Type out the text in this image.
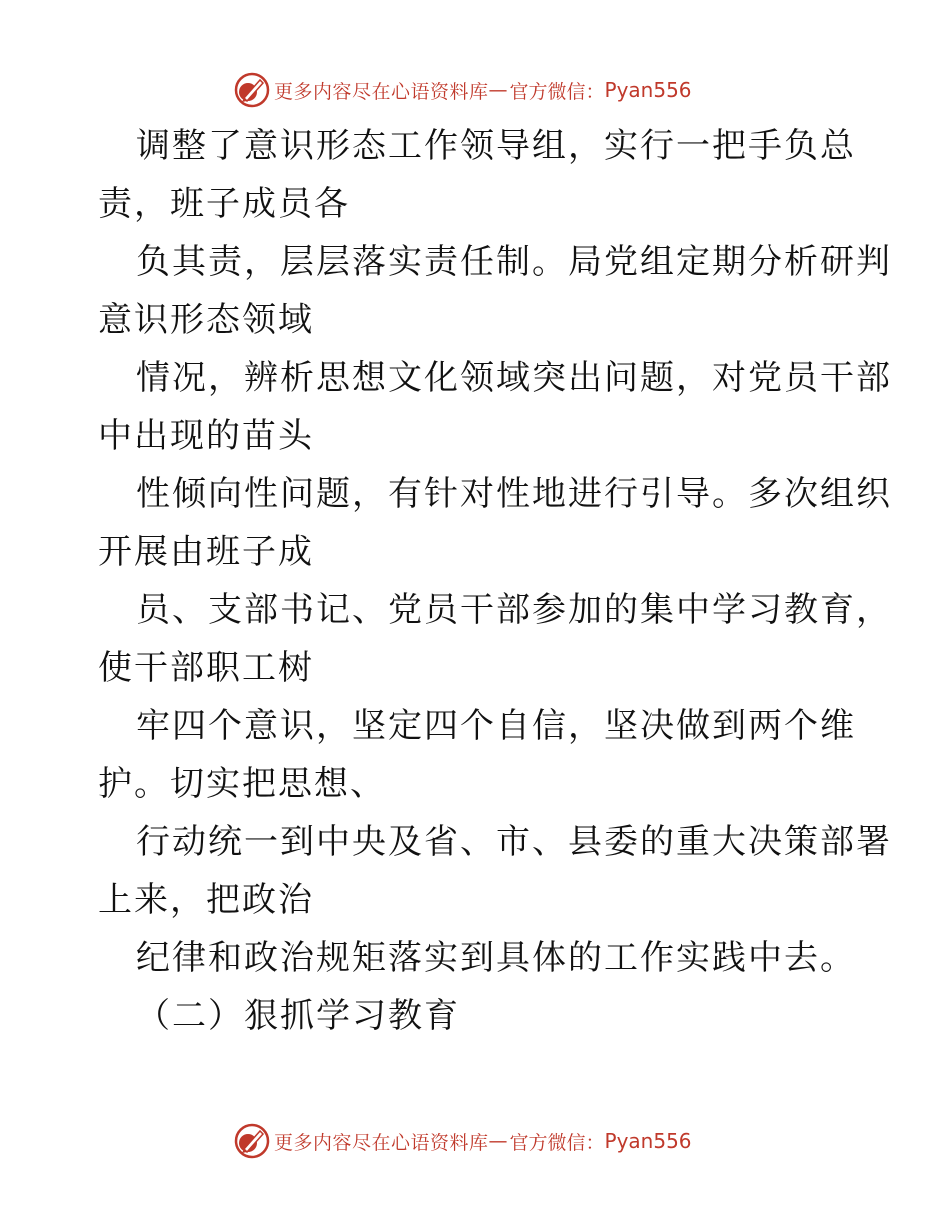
更多内容尽在心语资料库 — 官方微信： Pyan556
调整了意识形态工作领导组，实行一把手负总
责，班子成员各
负其责，层层落实责任制。局党组定期分析研判
意识形态领域
情况，辨析思想文化领域突出问题，对党员干部
中出现的苗头
性倾向性问题，有针对性地进行引导。多次组织
开展由班子成
员、支部书记、党员干部参加的集中学习教育，
使干部职工树
牢四个意识，坚定四个自信，坚决做到两个维
护。切实把思想、
行动统一到中央及省、市、县委的重大决策部署
上来，把政治
纪律和政治规矩落实到具体的工作实践中去。
（二）狠抓学习教育
更多内容尽在心语资料库 — 官方微信： Pyan556
